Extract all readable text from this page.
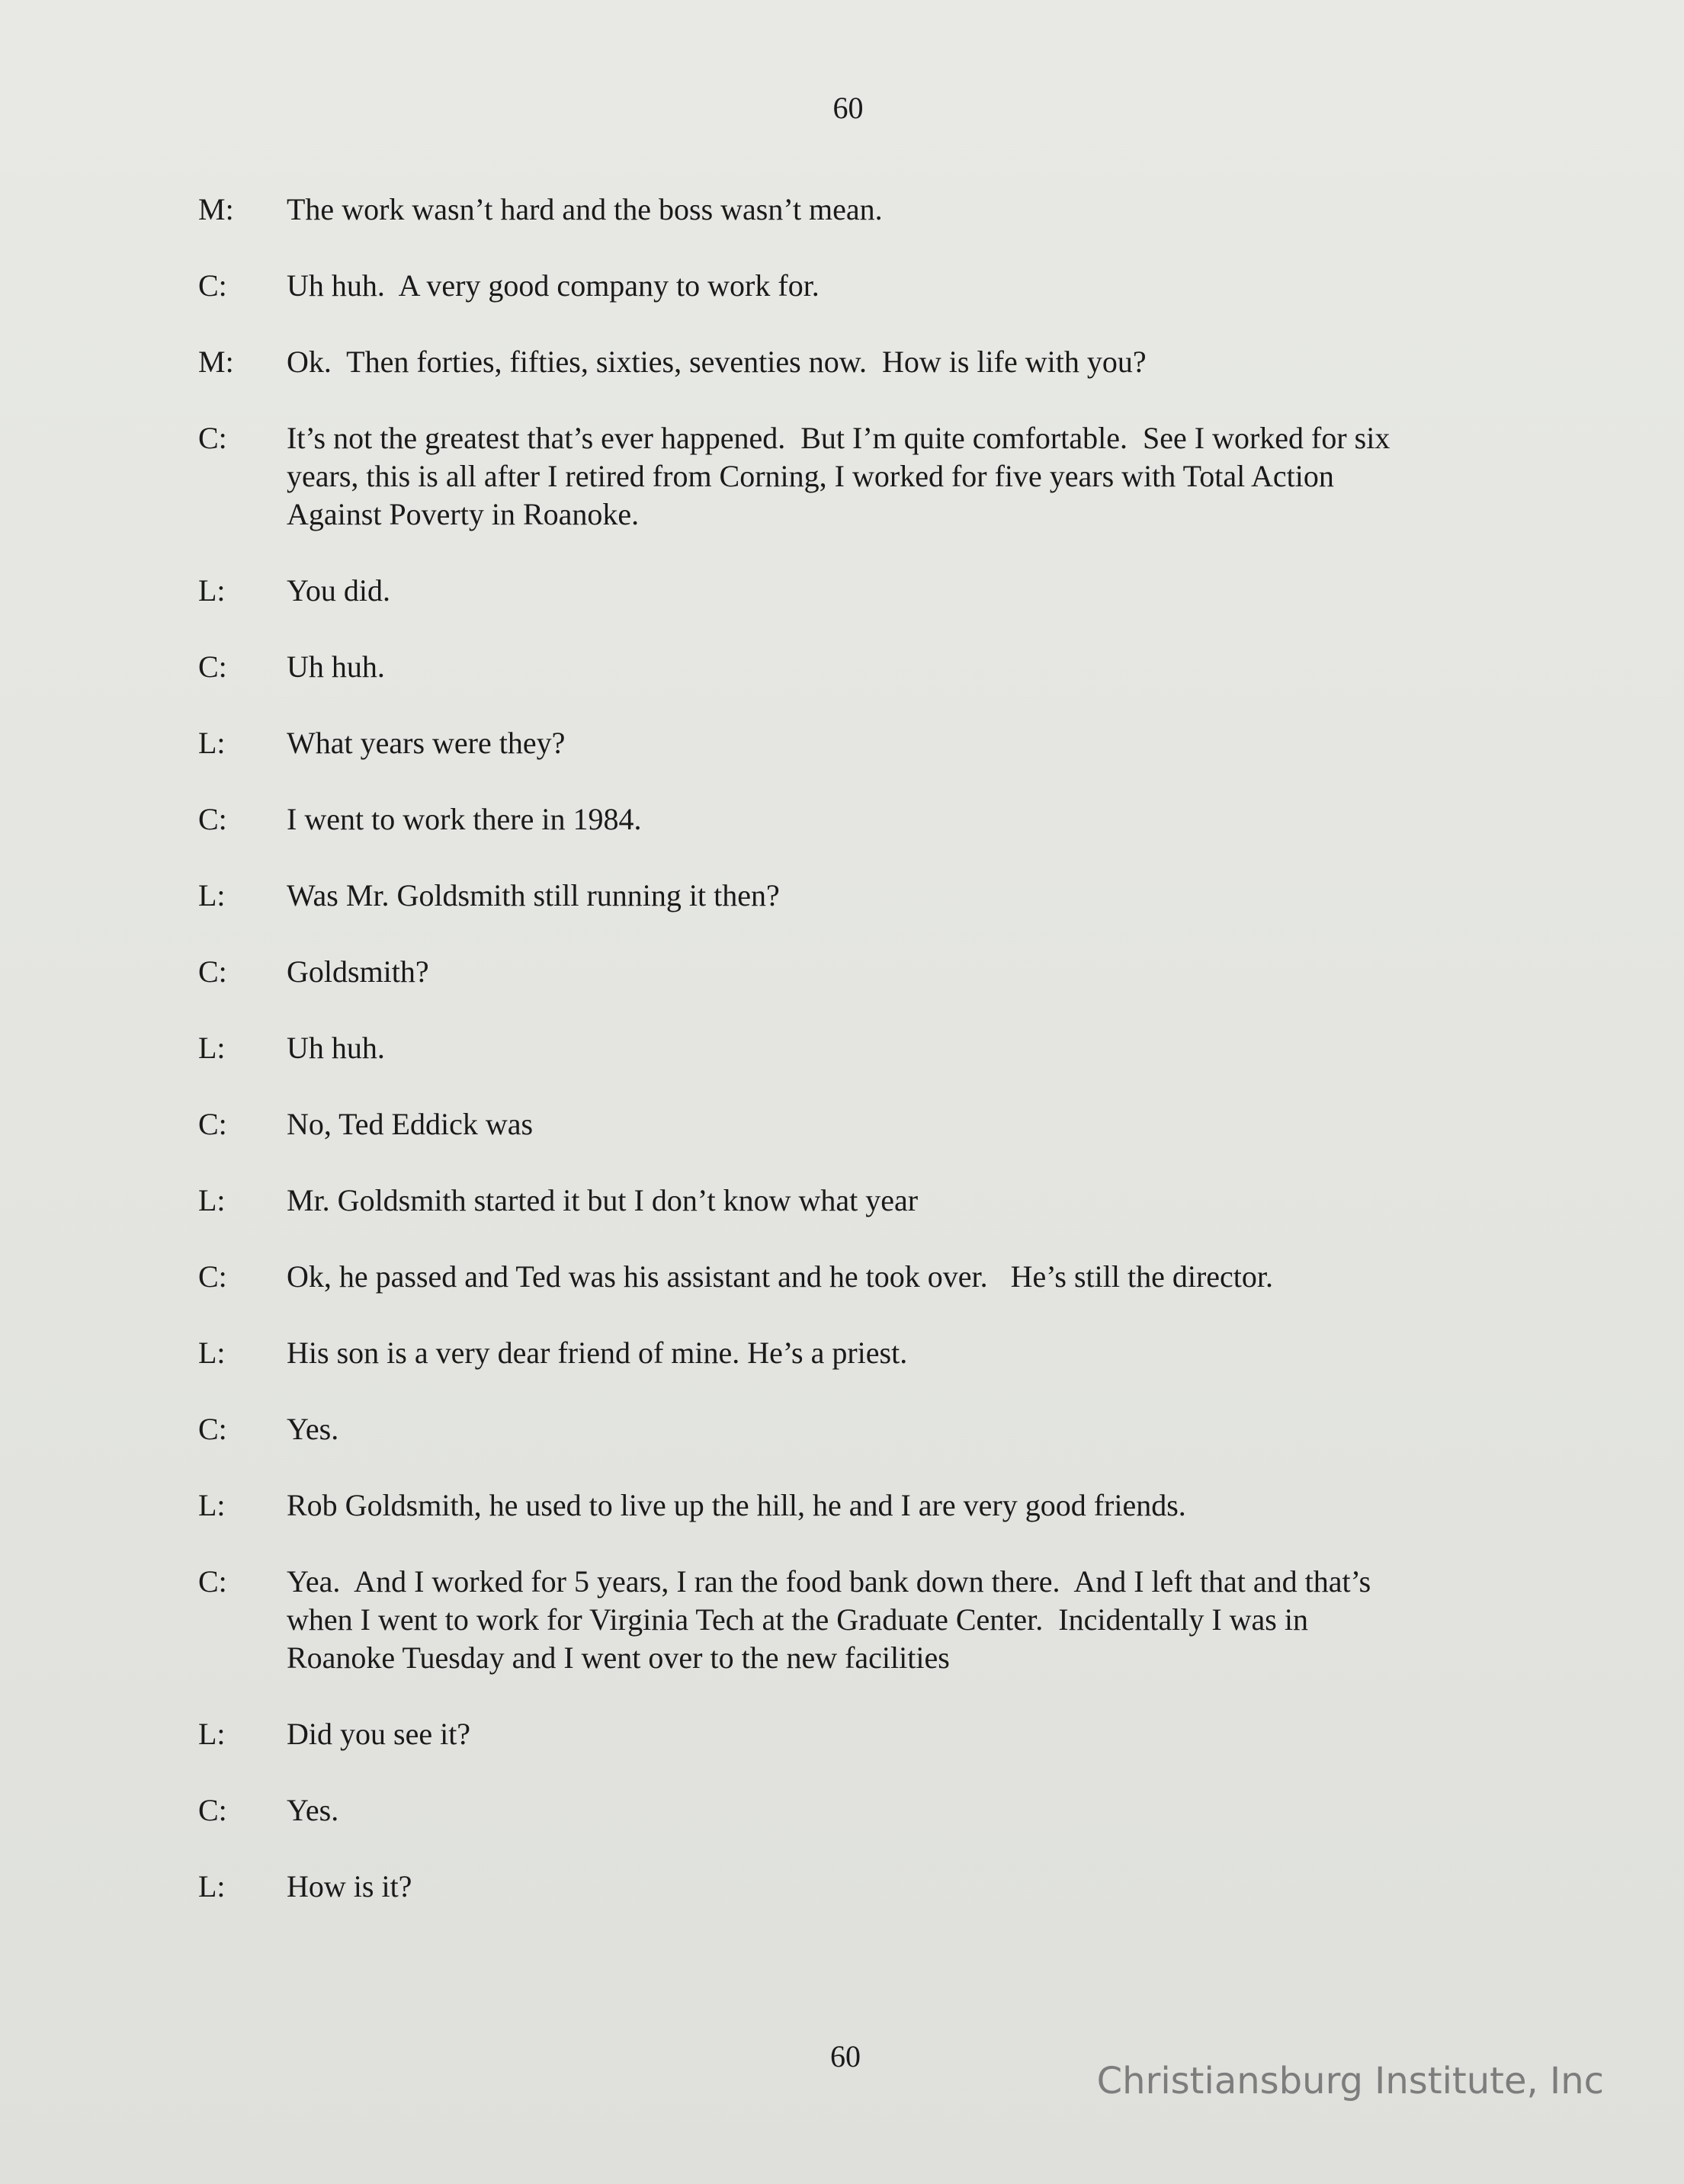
60
M:	The work wasn’t hard and the boss wasn’t mean.
C:	Uh huh.  A very good company to work for.
M:	Ok.  Then forties, fifties, sixties, seventies now.  How is life with you?
C:	It’s not the greatest that’s ever happened.  But I’m quite comfortable.  See I worked for six
years, this is all after I retired from Corning, I worked for five years with Total Action
Against Poverty in Roanoke.
L:	You did.
C:	Uh huh.
L:	What years were they?
C:	I went to work there in 1984.
L:	Was Mr. Goldsmith still running it then?
C:	Goldsmith?
L:	Uh huh.
C:	No, Ted Eddick was
L:	Mr. Goldsmith started it but I don’t know what year
C:	Ok, he passed and Ted was his assistant and he took over.   He’s still the director.
L:	His son is a very dear friend of mine. He’s a priest.
C:	Yes.
L:	Rob Goldsmith, he used to live up the hill, he and I are very good friends.
C:	Yea.  And I worked for 5 years, I ran the food bank down there.  And I left that and that’s
when I went to work for Virginia Tech at the Graduate Center.  Incidentally I was in
Roanoke Tuesday and I went over to the new facilities
L:	Did you see it?
C:	Yes.
L:	How is it?
60
Christiansburg Institute, Inc
